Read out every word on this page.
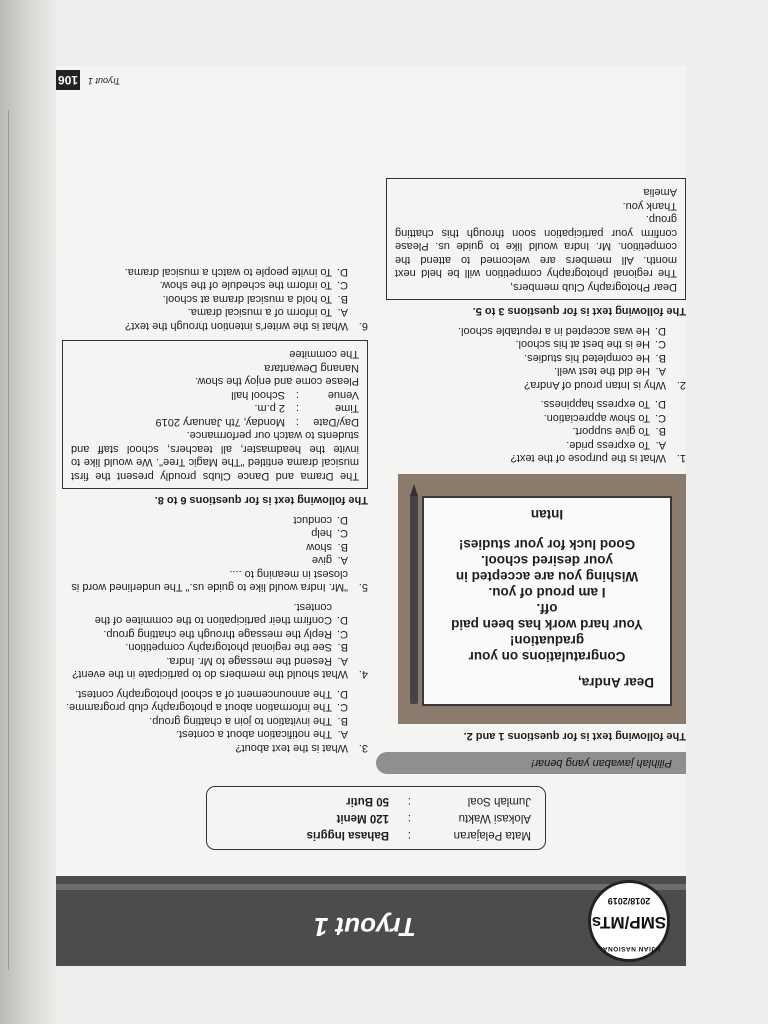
UJIAN NASIONAL
SMP/MTs
2018/2019
Tryout 1
Mata Pelajaran
:
Bahasa Inggris
Alokasi Waktu
:
120 Menit
Jumlah Soal
:
50 Butir
Pilihlah jawaban yang benar!
The following text is for questions 1 and 2.
Dear Andra,
Congratulations on your graduation!
Your hard work has been paid off.
I am proud of you.
Wishing you are accepted in your desired school.
Good luck for your studies!
Intan
1.
What is the purpose of the text?
A.
To express pride.
B.
To give support.
C.
To show appreciation.
D.
To express happiness.
2.
Why is Intan proud of Andra?
A.
He did the test well.
B.
He completed his studies.
C.
He is the best at his school.
D.
He was accepted in a reputable school.
The following text is for questions 3 to 5.
Dear Photography Club members,
The regional photography competition will be held next month. All members are welcomed to attend the competition. Mr. Indra would like to guide us. Please confirm your participation soon through this chatting group.
Thank you.
Amelia
3.
What is the text about?
A.
The notification about a contest.
B.
The invitation to join a chatting group.
C.
The information about a photography club programme.
D.
The announcement of a school photography contest.
4.
What should the members do to participate in the event?
A.
Resend the message to Mr. Indra.
B.
See the regional photography competition.
C.
Reply the message through the chatting group.
D.
Confirm their participation to the commitee of the contest.
5.
"Mr. Indra would like to guide us." The underlined word is closest in meaning to ....
A.
give
B.
show
C.
help
D.
conduct
The following text is for questions 6 to 8.
The Drama and Dance Clubs proudly present the first musical drama entitled "The Magic Tree". We would like to invite the headmaster, all teachers, school staff and students to watch our performance.
Day/Date
:
Monday, 7th January 2019
Time
:
2 p.m.
Venue
:
School hall
Please come and enjoy the show.
Nanang Dewantara
The commitee
6.
What is the writer's intention through the text?
A.
To inform of a musical drama.
B.
To hold a musical drama at school.
C.
To inform the schedule of the show.
D.
To invite people to watch a musical drama.
Tryout 1
106
